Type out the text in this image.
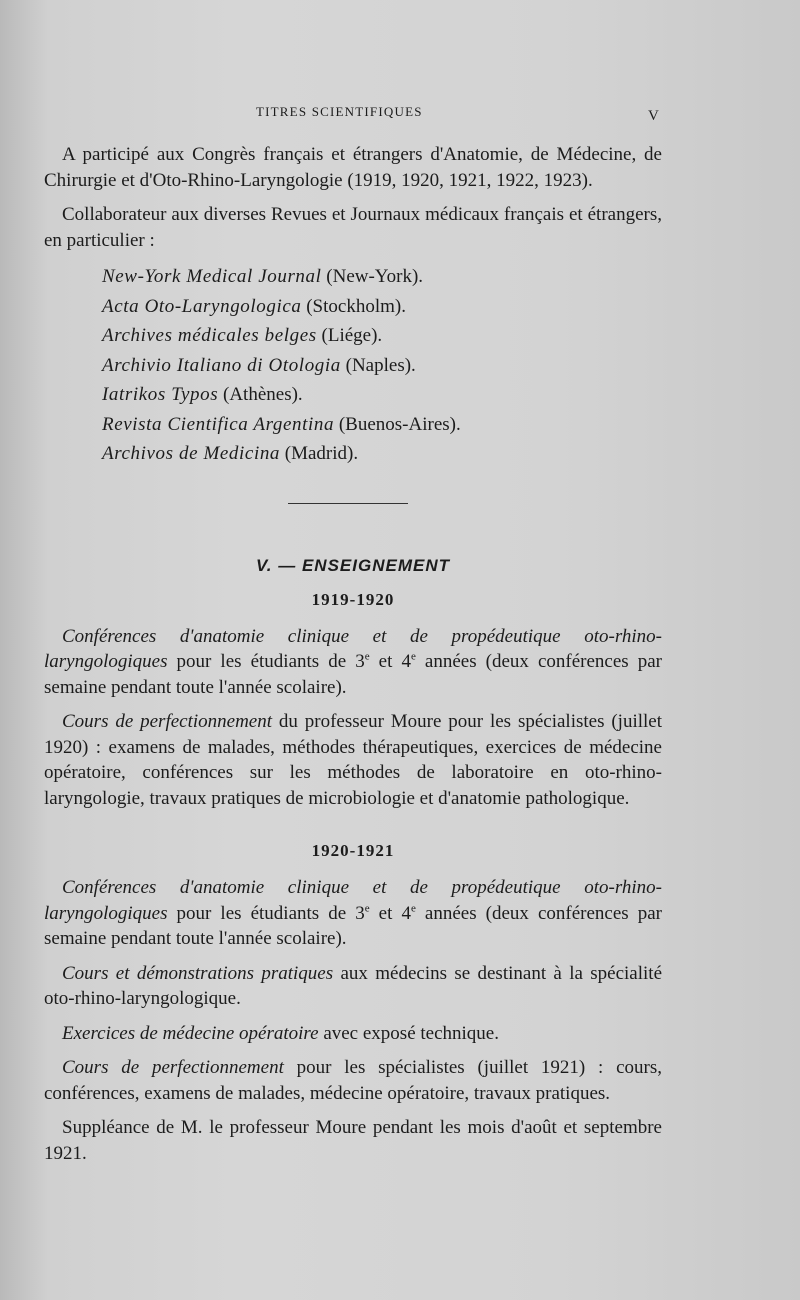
TITRES SCIENTIFIQUES	V

A participé aux Congrès français et étrangers d'Anatomie, de Médecine, de Chirurgie et d'Oto-Rhino-Laryngologie (1919, 1920, 1921, 1922, 1923).

Collaborateur aux diverses Revues et Journaux médicaux français et étrangers, en particulier :

New-York Medical Journal (New-York).
Acta Oto-Laryngologica (Stockholm).
Archives médicales belges (Liége).
Archivio Italiano di Otologia (Naples).
Iatrikos Typos (Athènes).
Revista Cientifica Argentina (Buenos-Aires).
Archivos de Medicina (Madrid).
V. — ENSEIGNEMENT
1919-1920

Conférences d'anatomie clinique et de propédeutique oto-rhino-laryngologiques pour les étudiants de 3e et 4e années (deux conférences par semaine pendant toute l'année scolaire).

Cours de perfectionnement du professeur Moure pour les spécialistes (juillet 1920) : examens de malades, méthodes thérapeutiques, exercices de médecine opératoire, conférences sur les méthodes de laboratoire en oto-rhino-laryngologie, travaux pratiques de microbiologie et d'anatomie pathologique.

1920-1921

Conférences d'anatomie clinique et de propédeutique oto-rhino-laryngologiques pour les étudiants de 3e et 4e années (deux conférences par semaine pendant toute l'année scolaire).

Cours et démonstrations pratiques aux médecins se destinant à la spécialité oto-rhino-laryngologique.

Exercices de médecine opératoire avec exposé technique.

Cours de perfectionnement pour les spécialistes (juillet 1921) : cours, conférences, examens de malades, médecine opératoire, travaux pratiques.

Suppléance de M. le professeur Moure pendant les mois d'août et septembre 1921.
